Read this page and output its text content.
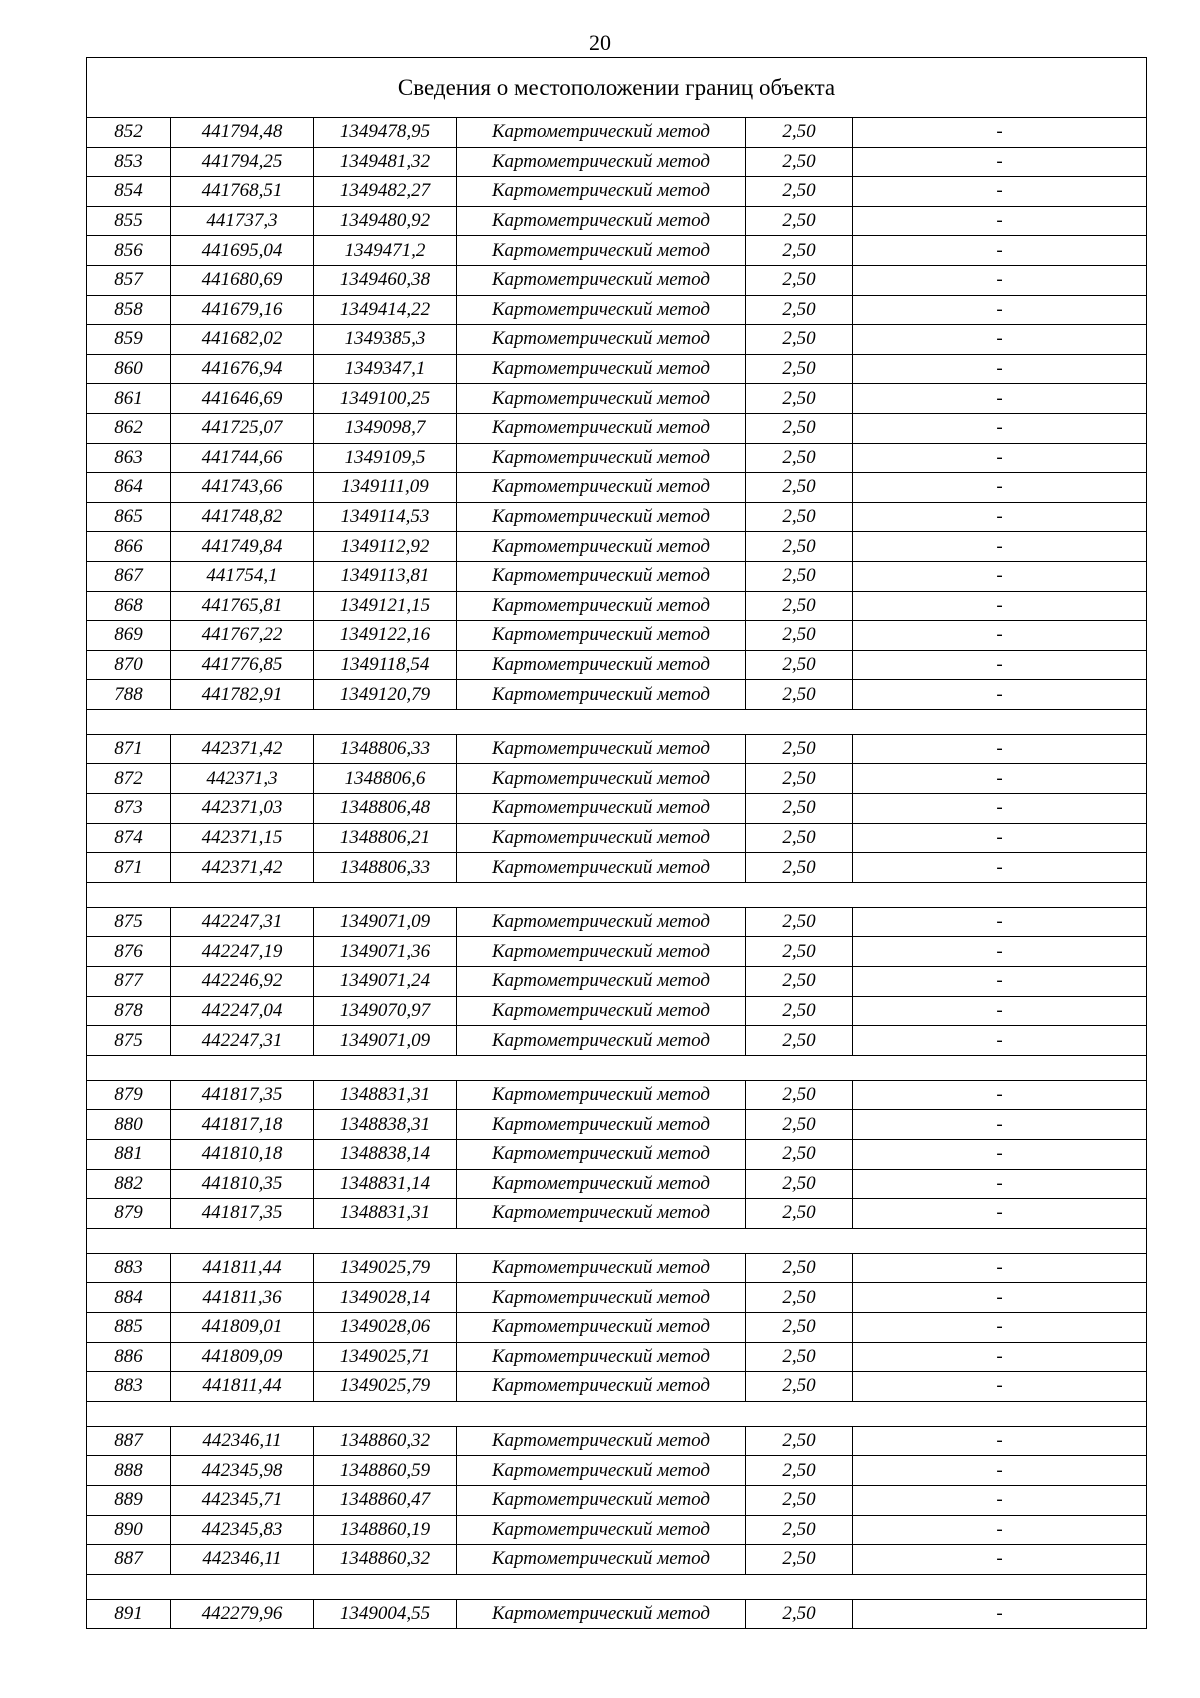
20
Сведения о местоположении границ объекта					
852	441794,48	1349478,95	Картометрический метод	2,50	-
853	441794,25	1349481,32	Картометрический метод	2,50	-
854	441768,51	1349482,27	Картометрический метод	2,50	-
855	441737,3	1349480,92	Картометрический метод	2,50	-
856	441695,04	1349471,2	Картометрический метод	2,50	-
857	441680,69	1349460,38	Картометрический метод	2,50	-
858	441679,16	1349414,22	Картометрический метод	2,50	-
859	441682,02	1349385,3	Картометрический метод	2,50	-
860	441676,94	1349347,1	Картометрический метод	2,50	-
861	441646,69	1349100,25	Картометрический метод	2,50	-
862	441725,07	1349098,7	Картометрический метод	2,50	-
863	441744,66	1349109,5	Картометрический метод	2,50	-
864	441743,66	1349111,09	Картометрический метод	2,50	-
865	441748,82	1349114,53	Картометрический метод	2,50	-
866	441749,84	1349112,92	Картометрический метод	2,50	-
867	441754,1	1349113,81	Картометрический метод	2,50	-
868	441765,81	1349121,15	Картометрический метод	2,50	-
869	441767,22	1349122,16	Картометрический метод	2,50	-
870	441776,85	1349118,54	Картометрический метод	2,50	-
788	441782,91	1349120,79	Картометрический метод	2,50	-

871	442371,42	1348806,33	Картометрический метод	2,50	-
872	442371,3	1348806,6	Картометрический метод	2,50	-
873	442371,03	1348806,48	Картометрический метод	2,50	-
874	442371,15	1348806,21	Картометрический метод	2,50	-
871	442371,42	1348806,33	Картометрический метод	2,50	-

875	442247,31	1349071,09	Картометрический метод	2,50	-
876	442247,19	1349071,36	Картометрический метод	2,50	-
877	442246,92	1349071,24	Картометрический метод	2,50	-
878	442247,04	1349070,97	Картометрический метод	2,50	-
875	442247,31	1349071,09	Картометрический метод	2,50	-

879	441817,35	1348831,31	Картометрический метод	2,50	-
880	441817,18	1348838,31	Картометрический метод	2,50	-
881	441810,18	1348838,14	Картометрический метод	2,50	-
882	441810,35	1348831,14	Картометрический метод	2,50	-
879	441817,35	1348831,31	Картометрический метод	2,50	-

883	441811,44	1349025,79	Картометрический метод	2,50	-
884	441811,36	1349028,14	Картометрический метод	2,50	-
885	441809,01	1349028,06	Картометрический метод	2,50	-
886	441809,09	1349025,71	Картометрический метод	2,50	-
883	441811,44	1349025,79	Картометрический метод	2,50	-

887	442346,11	1348860,32	Картометрический метод	2,50	-
888	442345,98	1348860,59	Картометрический метод	2,50	-
889	442345,71	1348860,47	Картометрический метод	2,50	-
890	442345,83	1348860,19	Картометрический метод	2,50	-
887	442346,11	1348860,32	Картометрический метод	2,50	-

891	442279,96	1349004,55	Картометрический метод	2,50	-
